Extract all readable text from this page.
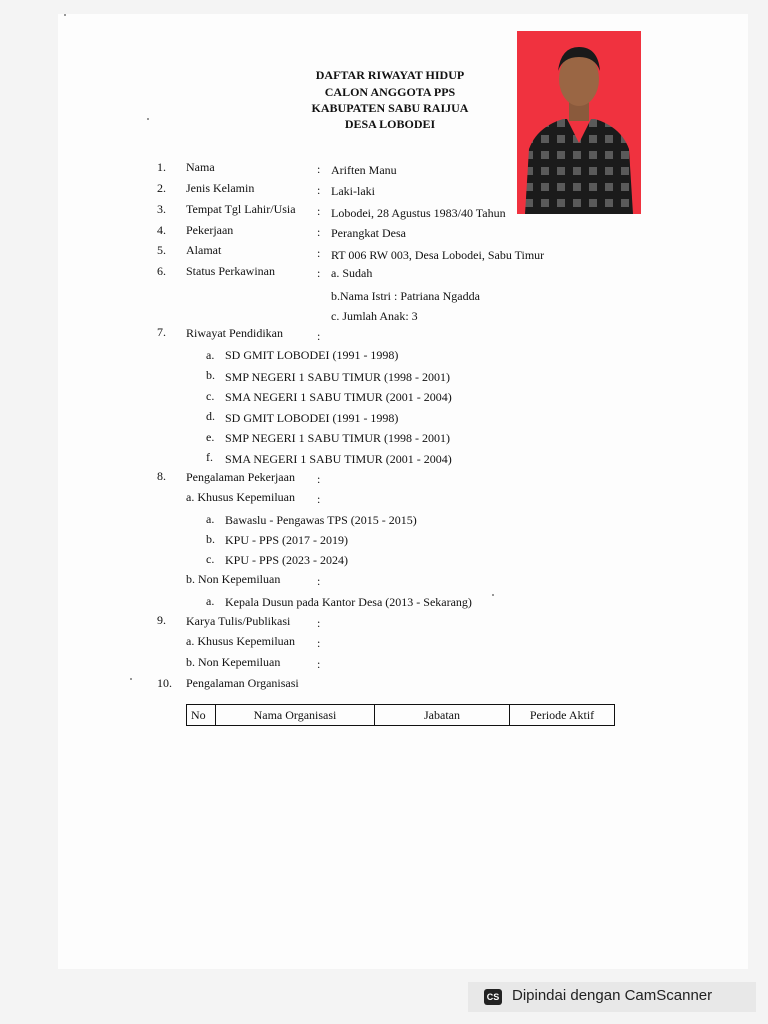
DAFTAR RIWAYAT HIDUP
CALON ANGGOTA PPS
KABUPATEN SABU RAIJUA
DESA LOBODEI
1. Nama	: Ariften Manu
2. Jenis Kelamin	: Laki-laki
3. Tempat Tgl Lahir/Usia : Lobodei, 28 Agustus 1983/40 Tahun
4. Pekerjaan	: Perangkat Desa
5. Alamat	: RT 006 RW 003, Desa Lobodei, Sabu Timur
6. Status Perkawinan	: a. Sudah
b.Nama Istri : Patriana Ngadda
c. Jumlah Anak: 3
7. Riwayat Pendidikan	:
a. SD GMIT LOBODEI (1991 - 1998)
b. SMP NEGERI 1 SABU TIMUR (1998 - 2001)
c. SMA NEGERI 1 SABU TIMUR (2001 - 2004)
d. SD GMIT LOBODEI (1991 - 1998)
e. SMP NEGERI 1 SABU TIMUR (1998 - 2001)
f. SMA NEGERI 1 SABU TIMUR (2001 - 2004)
8. Pengalaman Pekerjaan :
a. Khusus Kepemiluan :
a. Bawaslu - Pengawas TPS (2015 - 2015)
b. KPU - PPS (2017 - 2019)
c. KPU - PPS (2023 - 2024)
b. Non Kepemiluan	:
a. Kepala Dusun pada Kantor Desa (2013 - Sekarang)
9. Karya Tulis/Publikasi :
a. Khusus Kepemiluan :
b. Non Kepemiluan	:
10. Pengalaman Organisasi
No	Nama Organisasi	Jabatan	Periode Aktif
CS Dipindai dengan CamScanner
